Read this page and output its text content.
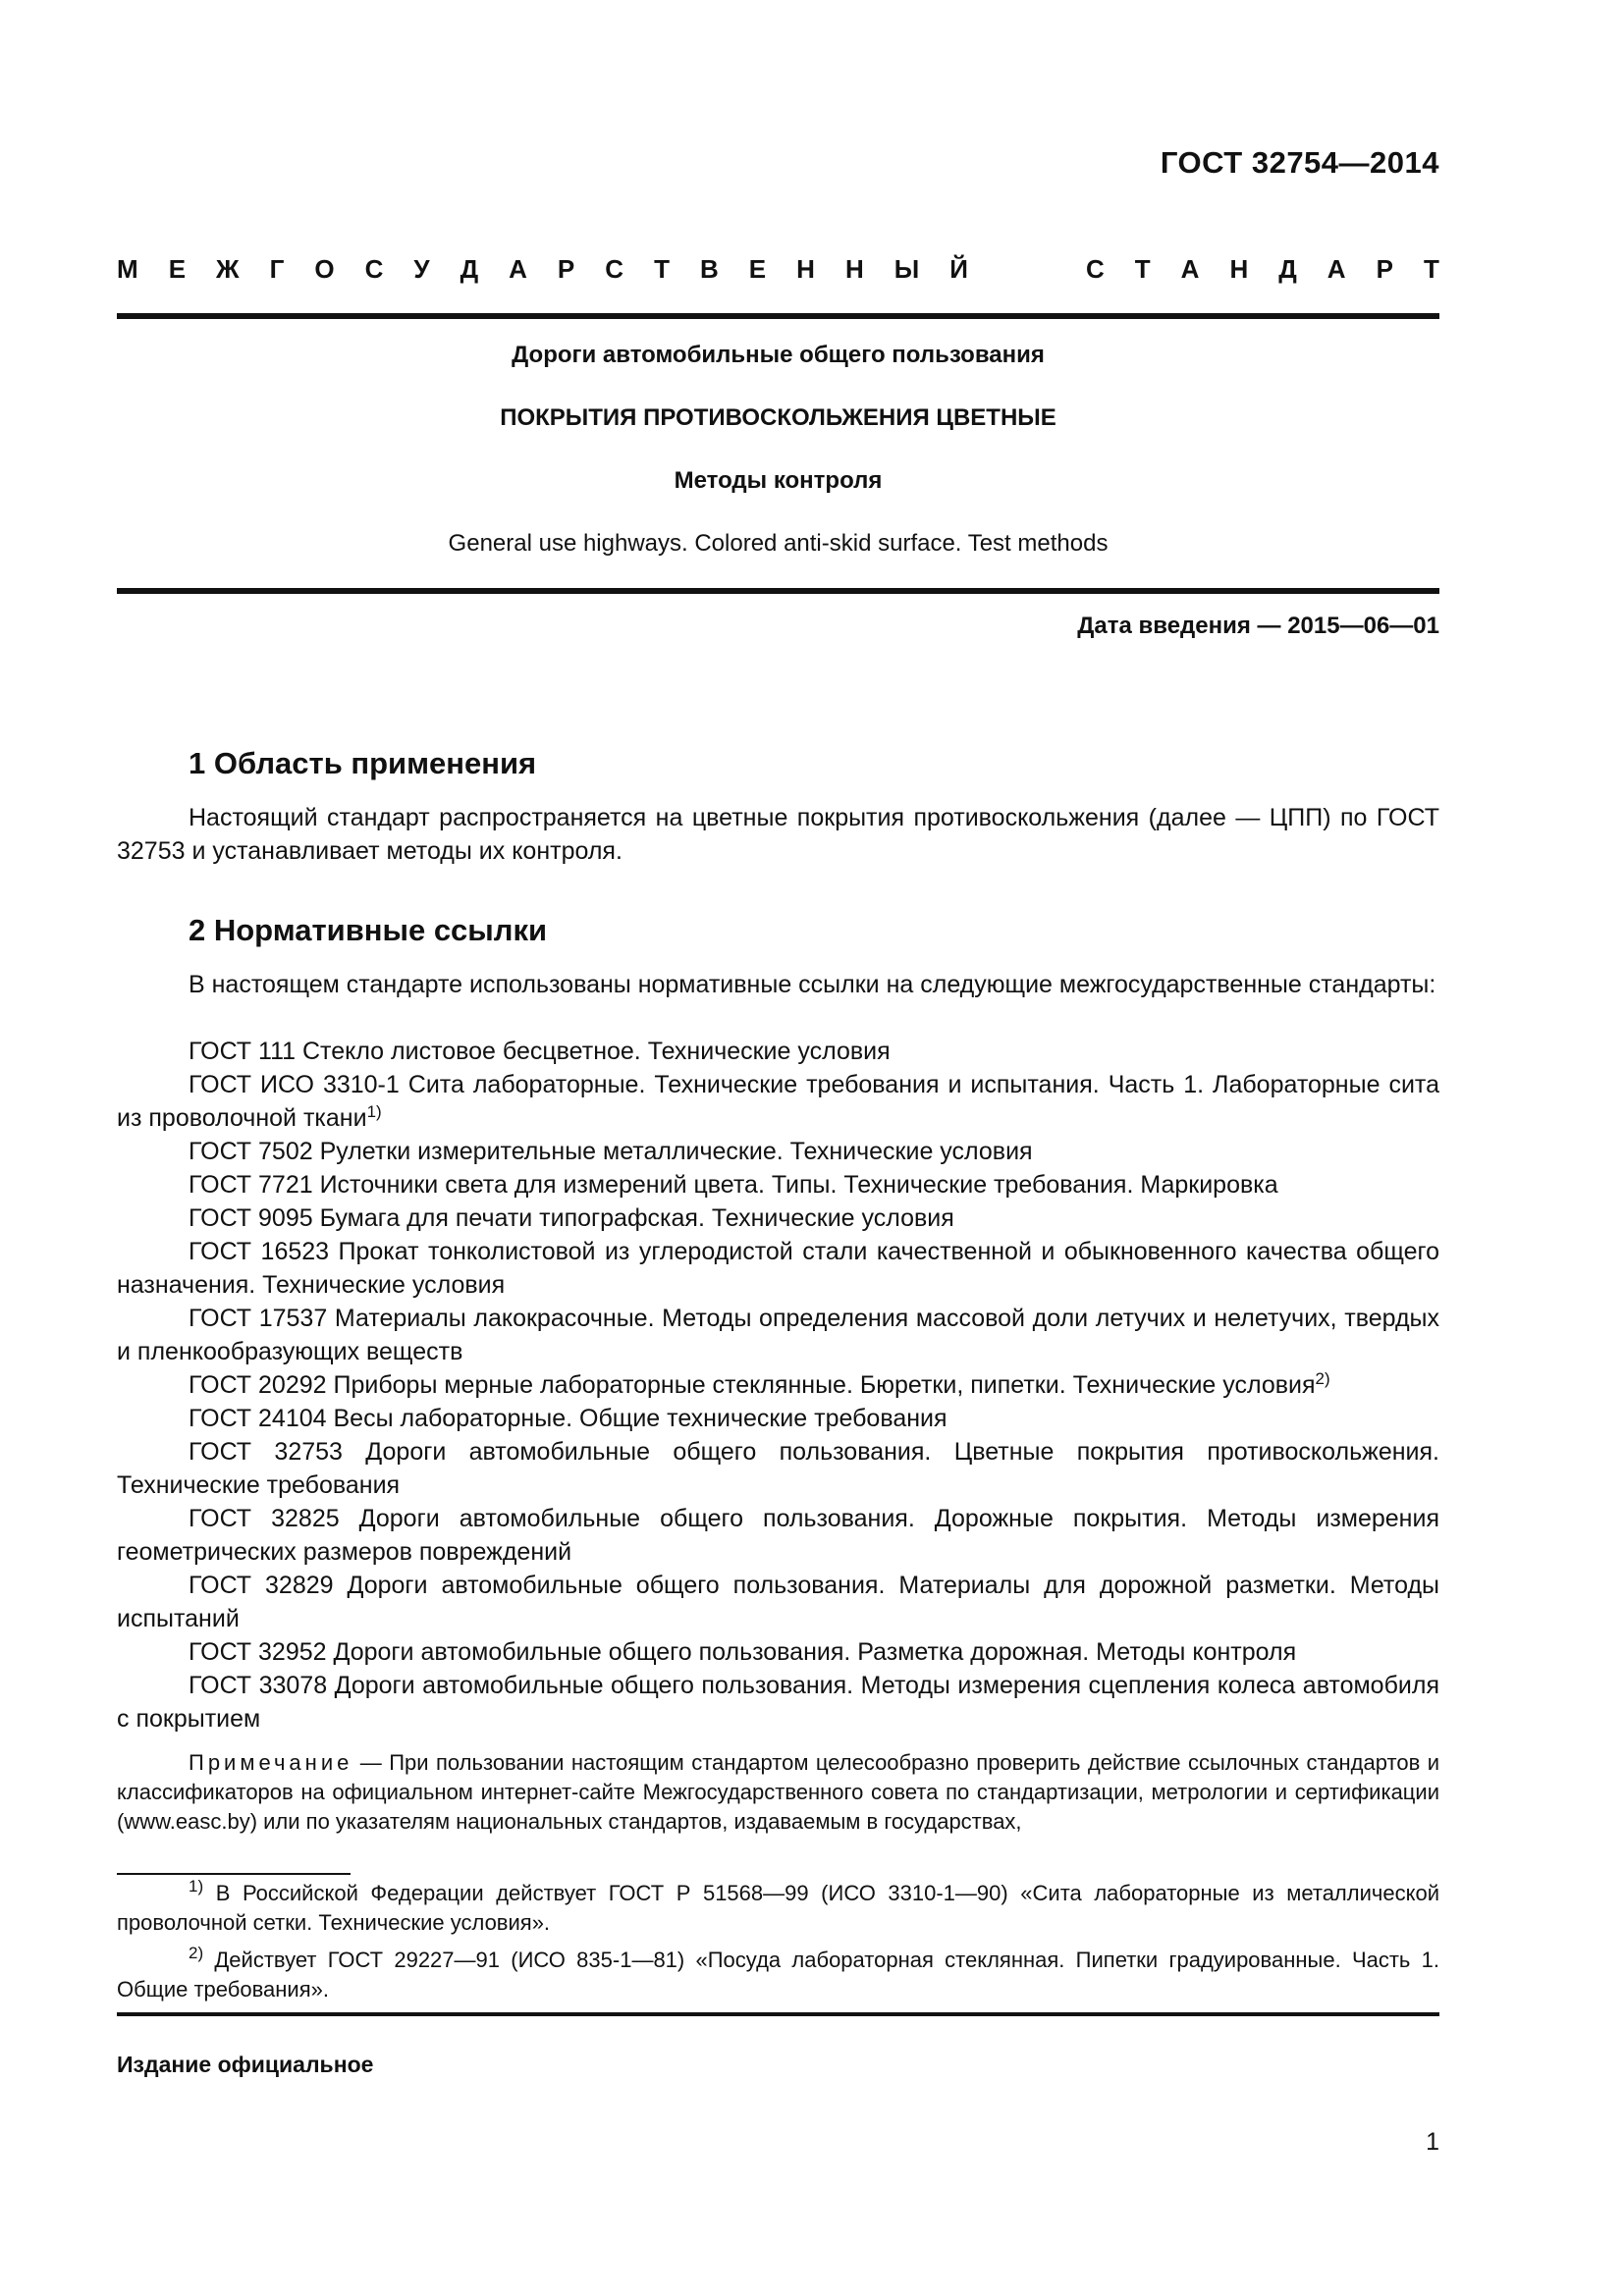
ГОСТ 32754—2014
М Е Ж Г О С У Д А Р С Т В Е Н Н Ы Й	С Т А Н Д А Р Т
Дороги автомобильные общего пользования
ПОКРЫТИЯ ПРОТИВОСКОЛЬЖЕНИЯ ЦВЕТНЫЕ
Методы контроля
General use highways. Colored anti-skid surface. Test methods
Дата введения — 2015—06—01
1 Область применения
Настоящий стандарт распространяется на цветные покрытия противоскольжения (далее — ЦПП) по ГОСТ 32753 и устанавливает методы их контроля.
2 Нормативные ссылки
В настоящем стандарте использованы нормативные ссылки на следующие межгосударственные стандарты:
ГОСТ 111 Стекло листовое бесцветное. Технические условия
ГОСТ ИСО 3310-1 Сита лабораторные. Технические требования и испытания. Часть 1. Лабораторные сита из проволочной ткани$^{1)}$
ГОСТ 7502 Рулетки измерительные металлические. Технические условия
ГОСТ 7721 Источники света для измерений цвета. Типы. Технические требования. Маркировка
ГОСТ 9095 Бумага для печати типографская. Технические условия
ГОСТ 16523 Прокат тонколистовой из углеродистой стали качественной и обыкновенного качества общего назначения. Технические условия
ГОСТ 17537 Материалы лакокрасочные. Методы определения массовой доли летучих и нелетучих, твердых и пленкообразующих веществ
ГОСТ 20292 Приборы мерные лабораторные стеклянные. Бюретки, пипетки. Технические условия$^{2)}$
ГОСТ 24104 Весы лабораторные. Общие технические требования
ГОСТ 32753 Дороги автомобильные общего пользования. Цветные покрытия противоскольжения. Технические требования
ГОСТ 32825 Дороги автомобильные общего пользования. Дорожные покрытия. Методы измерения геометрических размеров повреждений
ГОСТ 32829 Дороги автомобильные общего пользования. Материалы для дорожной разметки. Методы испытаний
ГОСТ 32952 Дороги автомобильные общего пользования. Разметка дорожная. Методы контроля
ГОСТ 33078 Дороги автомобильные общего пользования. Методы измерения сцепления колеса автомобиля с покрытием
Примечание — При пользовании настоящим стандартом целесообразно проверить действие ссылочных стандартов и классификаторов на официальном интернет-сайте Межгосударственного совета по стандартизации, метрологии и сертификации (www.easc.by) или по указателям национальных стандартов, издаваемым в государствах,
$^{1)}$ В Российской Федерации действует ГОСТ Р 51568—99 (ИСО 3310-1—90) «Сита лабораторные из металлической проволочной сетки. Технические условия».
$^{2)}$ Действует ГОСТ 29227—91 (ИСО 835-1—81) «Посуда лабораторная стеклянная. Пипетки градуированные. Часть 1. Общие требования».
Издание официальное
1
